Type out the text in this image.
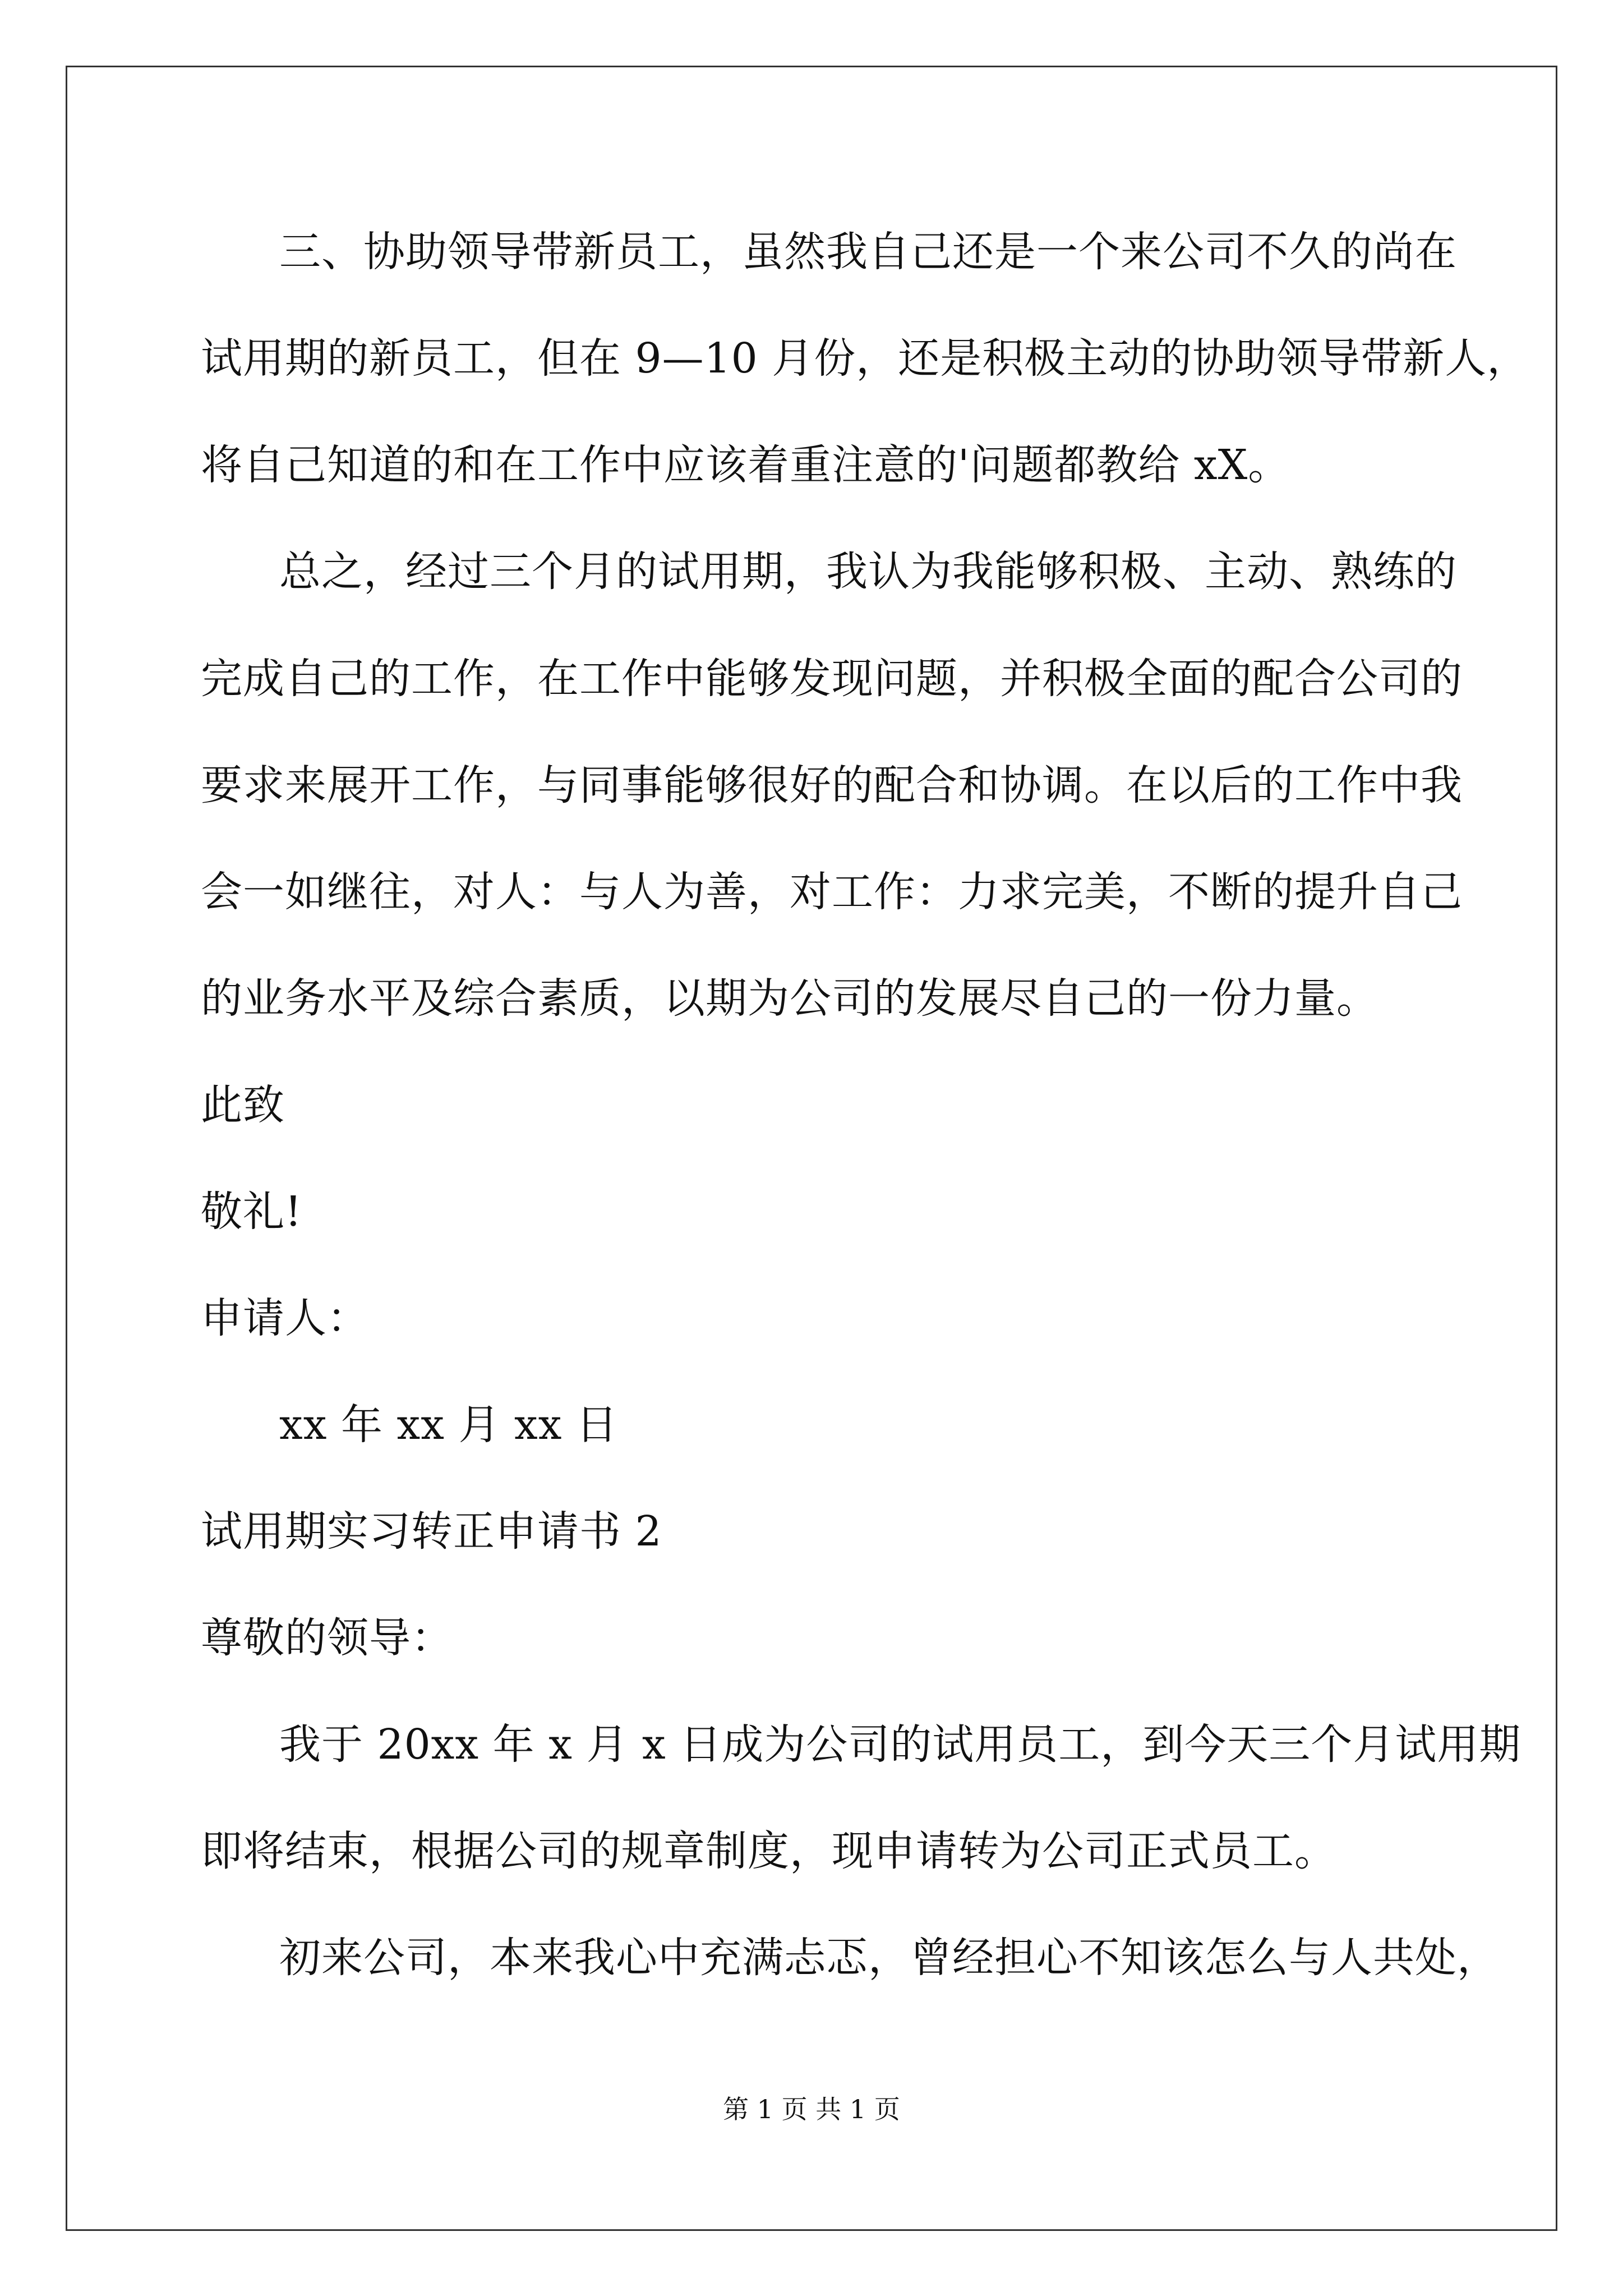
三、协助领导带新员工，虽然我自己还是一个来公司不久的尚在
试用期的新员工，但在 9—10 月份，还是积极主动的协助领导带新人，
将自己知道的和在工作中应该着重注意的'问题都教给 xX。
总之，经过三个月的试用期，我认为我能够积极、主动、熟练的
完成自己的工作，在工作中能够发现问题，并积极全面的配合公司的
要求来展开工作，与同事能够很好的配合和协调。在以后的工作中我
会一如继往，对人：与人为善，对工作：力求完美，不断的提升自己
的业务水平及综合素质，以期为公司的发展尽自己的一份力量。
此致
敬礼!
申请人：
xx 年 xx 月 xx 日
试用期实习转正申请书 2
尊敬的领导：
我于 20xx 年 x 月 x 日成为公司的试用员工，到今天三个月试用期
即将结束，根据公司的规章制度，现申请转为公司正式员工。
初来公司，本来我心中充满忐忑，曾经担心不知该怎么与人共处，
第 1 页 共 1 页
